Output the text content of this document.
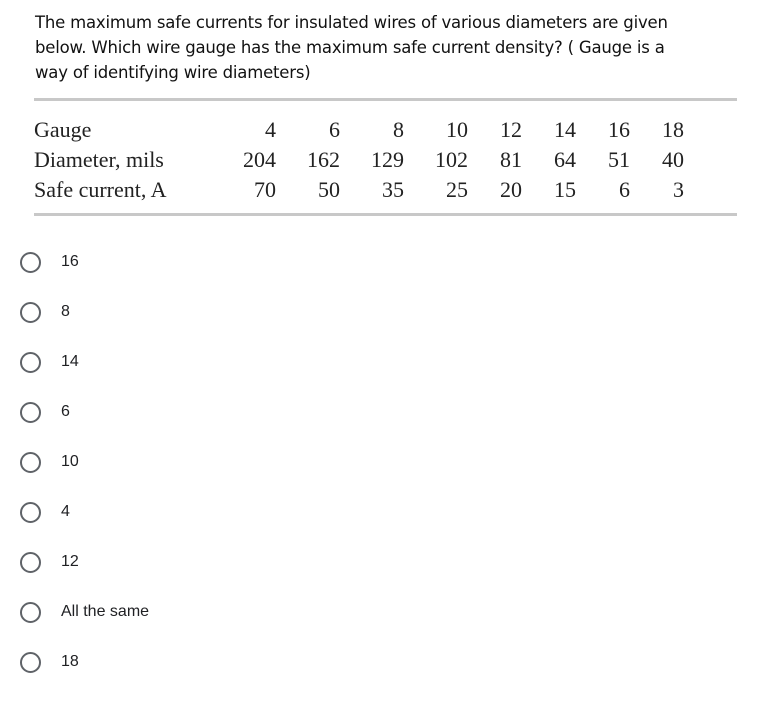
The maximum safe currents for insulated wires of various diameters are given
below. Which wire gauge has the maximum safe current density? ( Gauge is a
way of identifying wire diameters)
Gauge	4	6	8	10	12	14	16	18
Diameter, mils	204	162	129	102	81	64	51	40
Safe current, A	70	50	35	25	20	15	6	3
16
8
14
6
10
4
12
All the same
18
